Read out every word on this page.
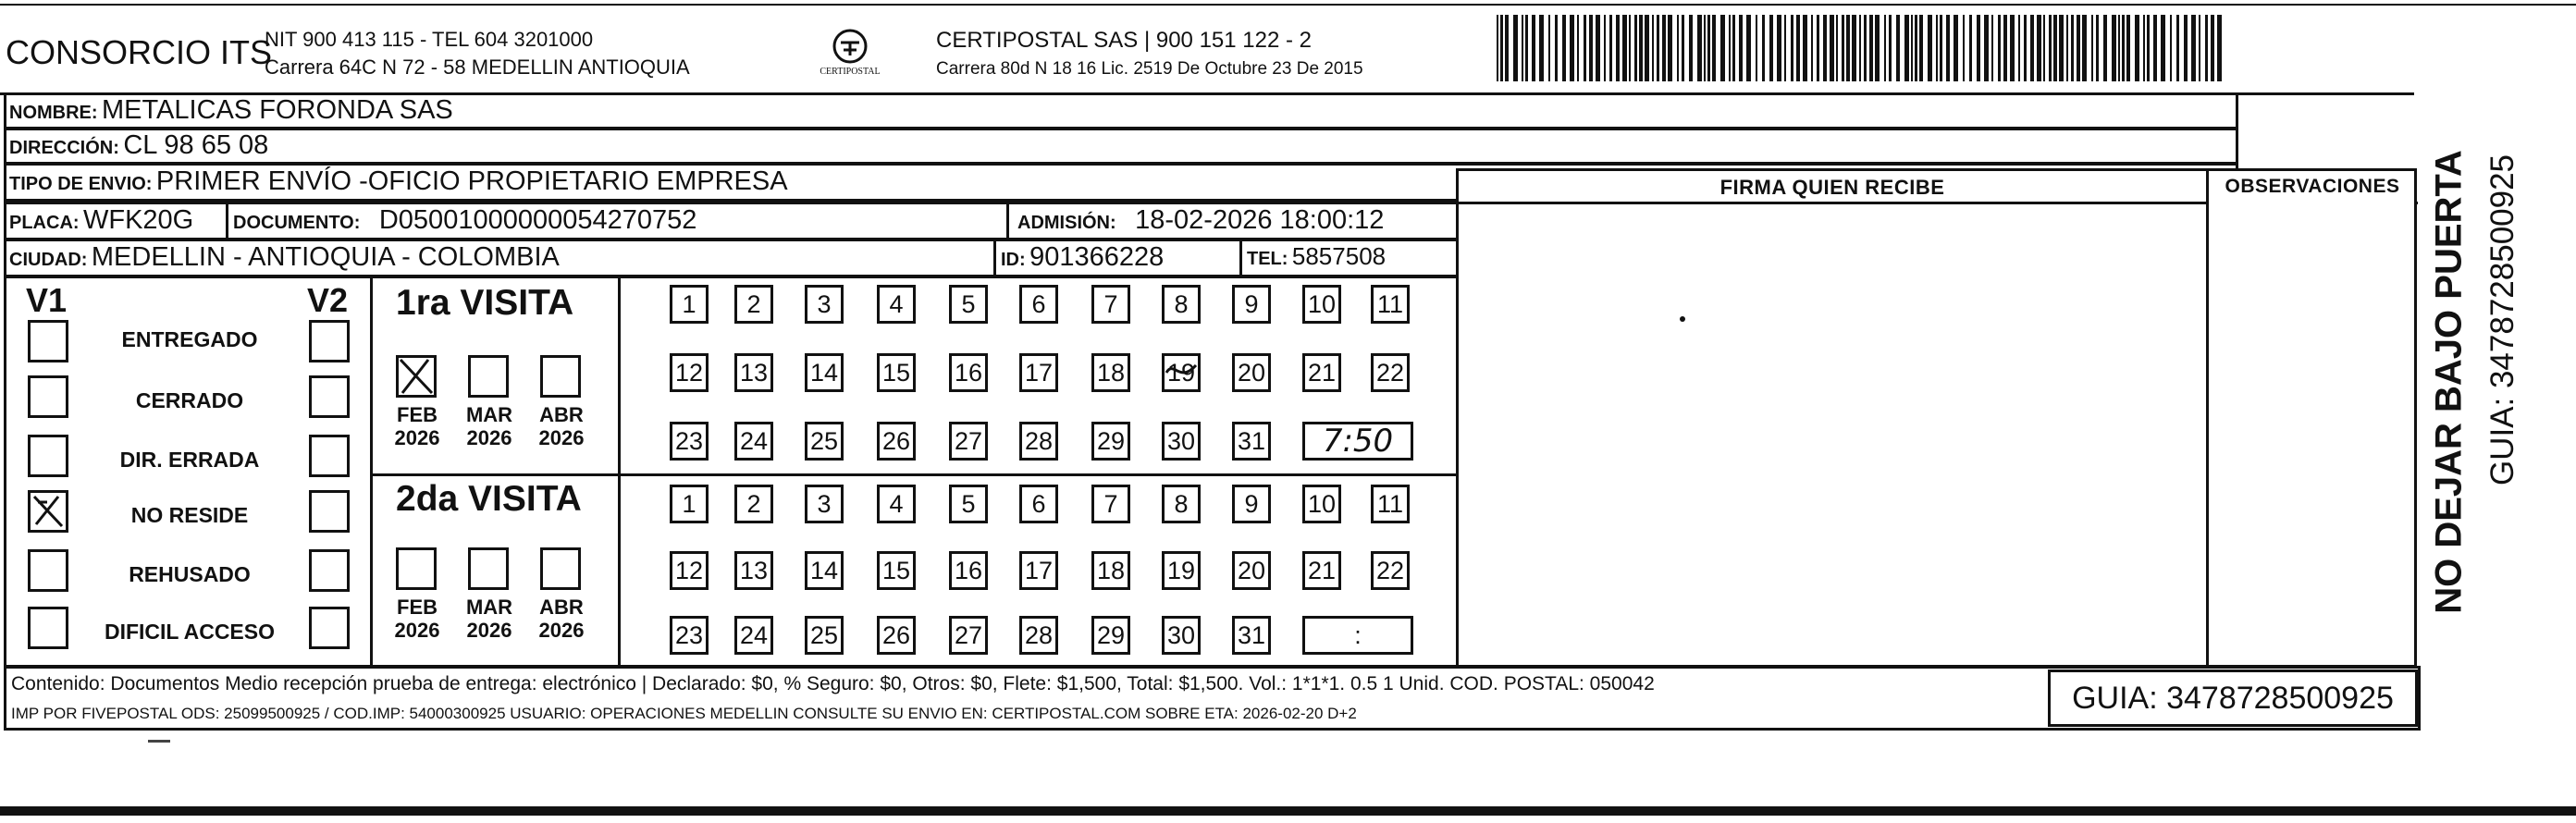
CONSORCIO ITS
NIT 900 413 115 - TEL 604 3201000
Carrera 64C N 72 - 58 MEDELLIN ANTIOQUIA	CERTIPOSTAL
CERTIPOSTAL SAS | 900 151 122 - 2
Carrera 80d N 18 16 Lic. 2519 De Octubre 23 De 2015
NOMBRE: METALICAS FORONDA SAS
DIRECCIÓN: CL 98 65 08
TIPO DE ENVIO: PRIMER ENVÍO -OFICIO PROPIETARIO EMPRESA	FIRMA QUIEN RECIBE	OBSERVACIONES
PLACA: WFK20G DOCUMENTO: D05001000000054270752	ADMISIÓN: 18-02-2026 18:00:12
CIUDAD: MEDELLIN - ANTIOQUIA - COLOMBIA	ID: 901366228	TEL: 5857508
V1	V2 1ra VISITA
2da VISITA	NO DEJAR BAJO PUERTA GUIA: 3478728500925
Contenido: Documentos Medio recepción prueba de entrega: electrónico | Declarado: $0, % Seguro: $0, Otros: $0, Flete: $1,500, Total: $1,500. Vol.: 1*1*1. 0.5 1 Unid. COD. POSTAL: 050042
IMP POR FIVEPOSTAL ODS: 25099500925 / COD.IMP: 54000300925 USUARIO: OPERACIONES MEDELLIN CONSULTE SU ENVIO EN: CERTIPOSTAL.COM SOBRE ETA: 2026-02-20 D+2	GUIA: 3478728500925
ENTREGADO
CERRADO
DIR. ERRADA
NO RESIDE
REHUSADO
DIFICIL ACCESO
FEB
2026
MAR
2026
ABR
2026
FEB
2026
MAR
2026
ABR
2026
1	2	3	4	5	6	7	8	9	10 11
12 13 14 15 16 17 18 19 20 21 22
23 24 25 26 27 28 29 30 31	7:50
1	2	3	4	5	6	7	8	9	10 11
12 13 14 15 16 17 18 19 20 21 22
23 24 25 26 27 28 29 30 31	:
